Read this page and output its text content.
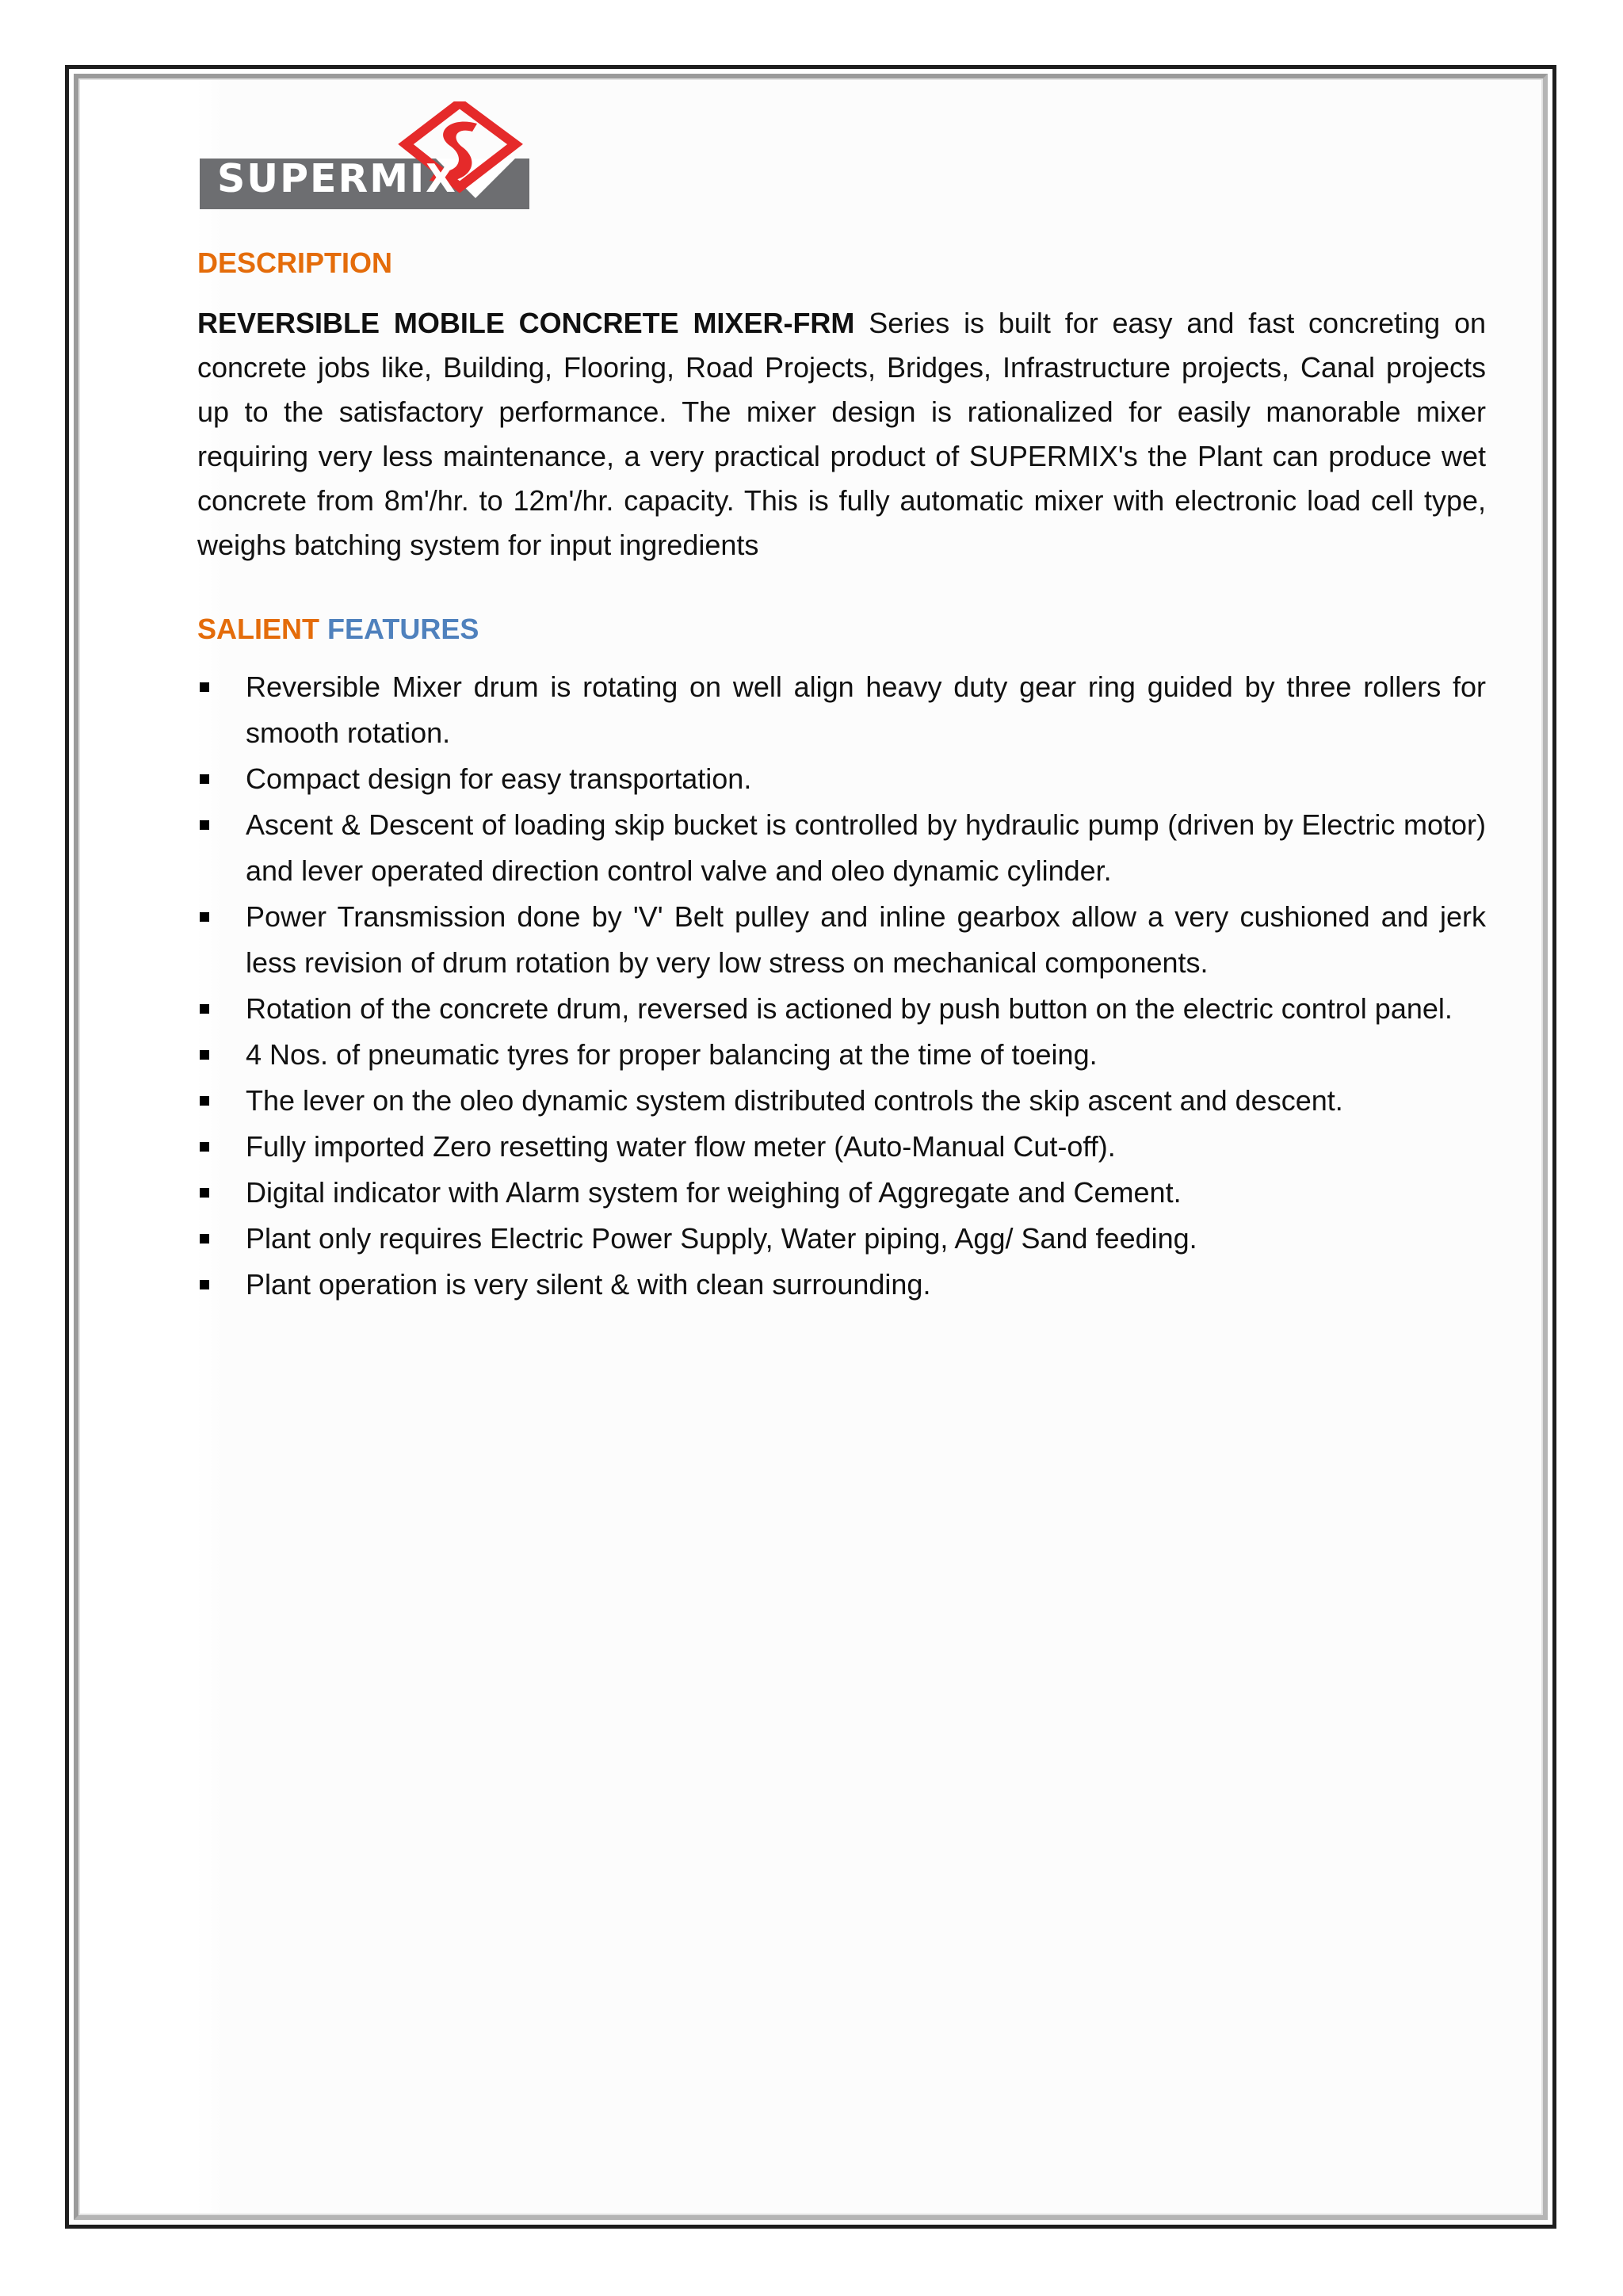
SUPERMIX
DESCRIPTION

REVERSIBLE MOBILE CONCRETE MIXER-FRM Series is built for easy and fast concreting on concrete jobs like, Building, Flooring, Road Projects, Bridges, Infrastructure projects, Canal projects up to the satisfactory performance. The mixer design is rationalized for easily manorable mixer requiring very less maintenance, a very practical product of SUPERMIX's the Plant can produce wet concrete from 8m'/hr. to 12m'/hr. capacity. This is fully automatic mixer with electronic load cell type, weighs batching system for input ingredients

SALIENT FEATURES
Reversible Mixer drum is rotating on well align heavy duty gear ring guided by three rollers for smooth rotation.
Compact design for easy transportation.
Ascent & Descent of loading skip bucket is controlled by hydraulic pump (driven by Electric motor) and lever operated direction control valve and oleo dynamic cylinder.
Power Transmission done by 'V' Belt pulley and inline gearbox allow a very cushioned and jerk less revision of drum rotation by very low stress on mechanical components.
Rotation of the concrete drum, reversed is actioned by push button on the electric control panel.
4 Nos. of pneumatic tyres for proper balancing at the time of toeing.
The lever on the oleo dynamic system distributed controls the skip ascent and descent.
Fully imported Zero resetting water flow meter (Auto-Manual Cut-off).
Digital indicator with Alarm system for weighing of Aggregate and Cement.
Plant only requires Electric Power Supply, Water piping, Agg/ Sand feeding.
Plant operation is very silent & with clean surrounding.
